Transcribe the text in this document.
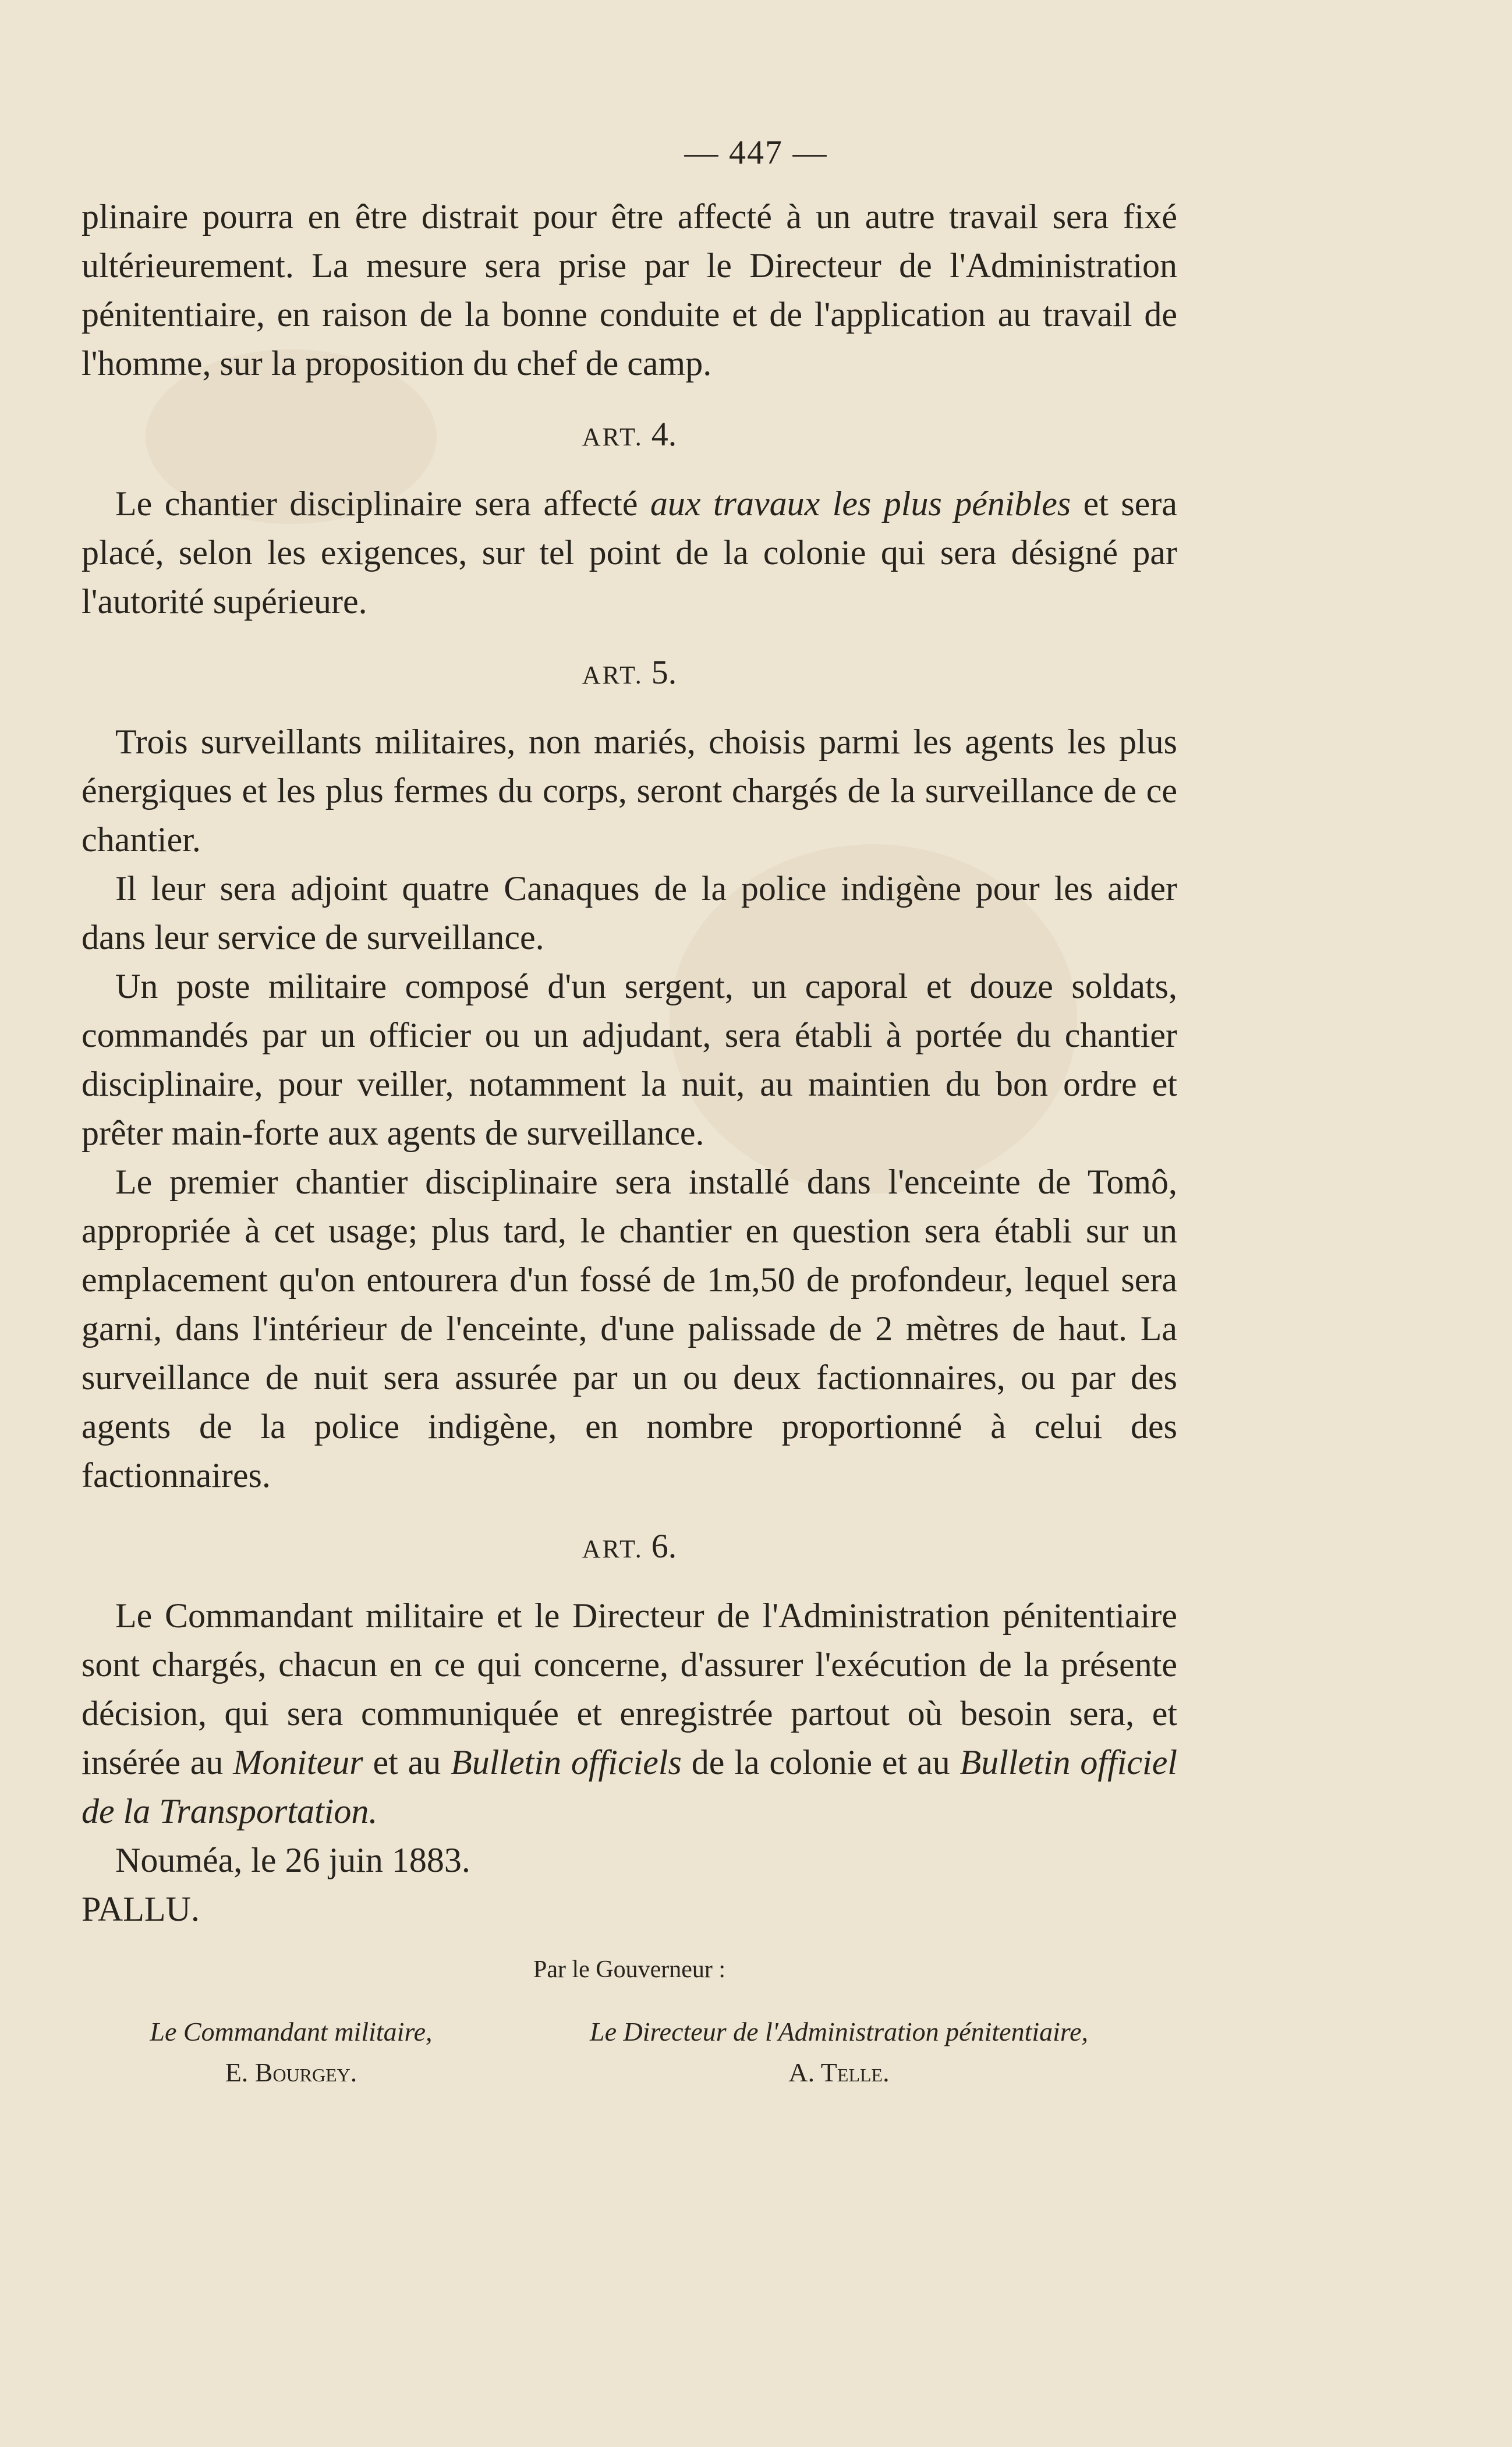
— 447 —

plinaire pourra en être distrait pour être affecté à un autre travail sera fixé ultérieurement. La mesure sera prise par le Directeur de l'Administration pénitentiaire, en raison de la bonne conduite et de l'application au travail de l'homme, sur la proposition du chef de camp.

ART. 4.

Le chantier disciplinaire sera affecté aux travaux les plus pénibles et sera placé, selon les exigences, sur tel point de la colonie qui sera désigné par l'autorité supérieure.

ART. 5.

Trois surveillants militaires, non mariés, choisis parmi les agents les plus énergiques et les plus fermes du corps, seront chargés de la surveillance de ce chantier.

Il leur sera adjoint quatre Canaques de la police indigène pour les aider dans leur service de surveillance.

Un poste militaire composé d'un sergent, un caporal et douze soldats, commandés par un officier ou un adjudant, sera établi à portée du chantier disciplinaire, pour veiller, notamment la nuit, au maintien du bon ordre et prêter main-forte aux agents de surveillance.

Le premier chantier disciplinaire sera installé dans l'enceinte de Tomô, appropriée à cet usage; plus tard, le chantier en question sera établi sur un emplacement qu'on entourera d'un fossé de 1m,50 de profondeur, lequel sera garni, dans l'intérieur de l'enceinte, d'une palissade de 2 mètres de haut. La surveillance de nuit sera assurée par un ou deux factionnaires, ou par des agents de la police indigène, en nombre proportionné à celui des factionnaires.

ART. 6.

Le Commandant militaire et le Directeur de l'Administration pénitentiaire sont chargés, chacun en ce qui concerne, d'assurer l'exécution de la présente décision, qui sera communiquée et enregistrée partout où besoin sera, et insérée au Moniteur et au Bulletin officiels de la colonie et au Bulletin officiel de la Transportation.

Nouméa, le 26 juin 1883.

PALLU.

Par le Gouverneur :
Le Commandant militaire,
E. Bourgey.
Le Directeur de l'Administration pénitentiaire,
A. Telle.
